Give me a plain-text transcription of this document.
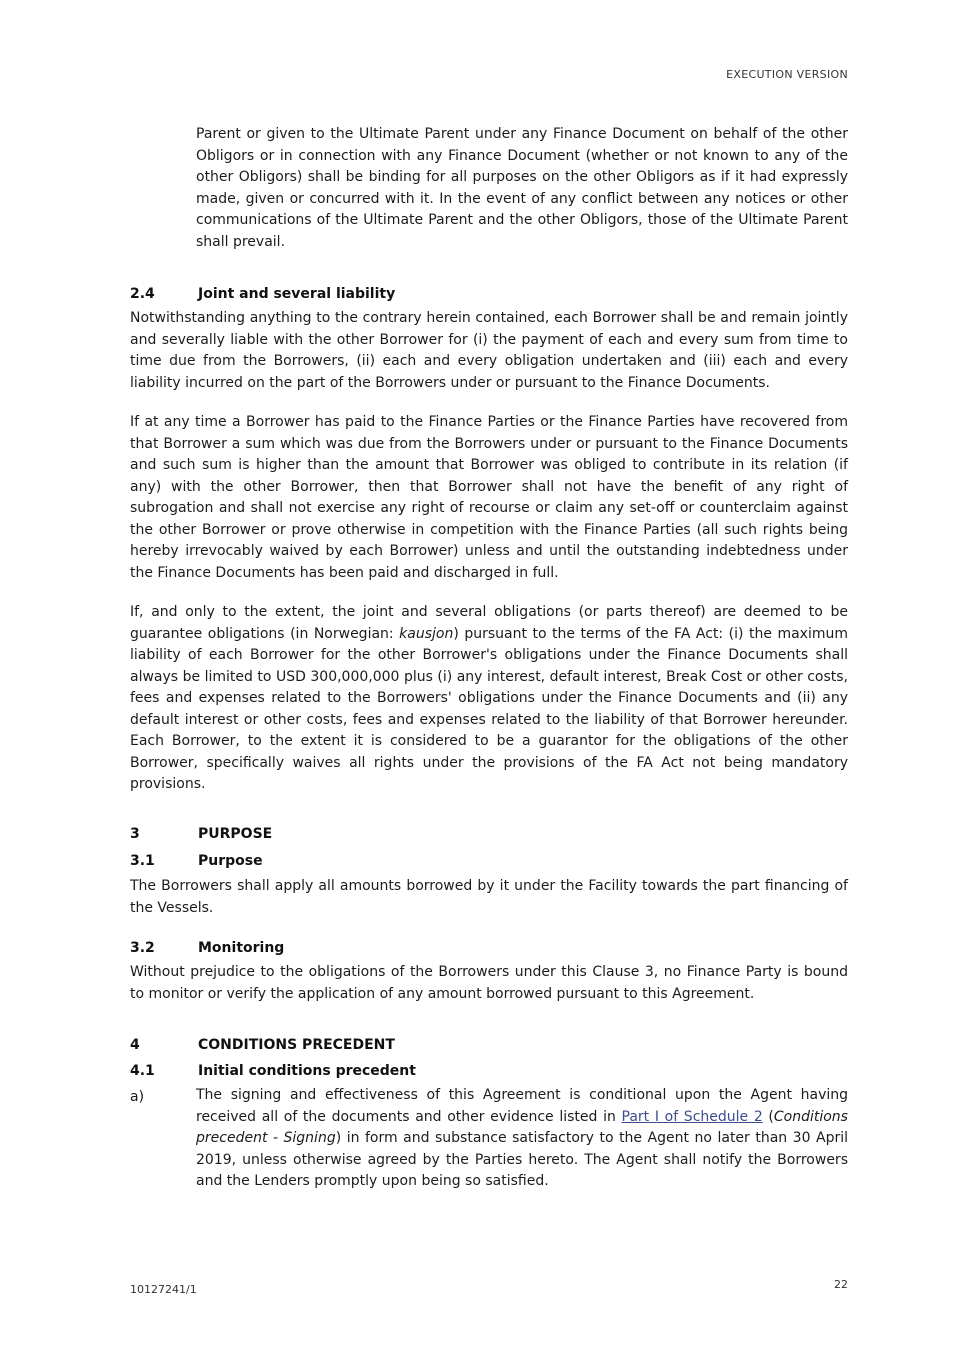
EXECUTION VERSION

Parent or given to the Ultimate Parent under any Finance Document on behalf of the other Obligors or in connection with any Finance Document (whether or not known to any of the other Obligors) shall be binding for all purposes on the other Obligors as if it had expressly made, given or concurred with it. In the event of any conflict between any notices or other communications of the Ultimate Parent and the other Obligors, those of the Ultimate Parent shall prevail.

2.4	Joint and several liability

Notwithstanding anything to the contrary herein contained, each Borrower shall be and remain jointly and severally liable with the other Borrower for (i) the payment of each and every sum from time to time due from the Borrowers, (ii) each and every obligation undertaken and (iii) each and every liability incurred on the part of the Borrowers under or pursuant to the Finance Documents.

If at any time a Borrower has paid to the Finance Parties or the Finance Parties have recovered from that Borrower a sum which was due from the Borrowers under or pursuant to the Finance Documents and such sum is higher than the amount that Borrower was obliged to contribute in its relation (if any) with the other Borrower, then that Borrower shall not have the benefit of any right of subrogation and shall not exercise any right of recourse or claim any set-off or counterclaim against the other Borrower or prove otherwise in competition with the Finance Parties (all such rights being hereby irrevocably waived by each Borrower) unless and until the outstanding indebtedness under the Finance Documents has been paid and discharged in full.

If, and only to the extent, the joint and several obligations (or parts thereof) are deemed to be guarantee obligations (in Norwegian: kausjon) pursuant to the terms of the FA Act: (i) the maximum liability of each Borrower for the other Borrower's obligations under the Finance Documents shall always be limited to USD 300,000,000 plus (i) any interest, default interest, Break Cost or other costs, fees and expenses related to the Borrowers' obligations under the Finance Documents and (ii) any default interest or other costs, fees and expenses related to the liability of that Borrower hereunder. Each Borrower, to the extent it is considered to be a guarantor for the obligations of the other Borrower, specifically waives all rights under the provisions of the FA Act not being mandatory provisions.

3	PURPOSE
3.1	Purpose

The Borrowers shall apply all amounts borrowed by it under the Facility towards the part financing of the Vessels.

3.2	Monitoring

Without prejudice to the obligations of the Borrowers under this Clause 3, no Finance Party is bound to monitor or verify the application of any amount borrowed pursuant to this Agreement.

4	CONDITIONS PRECEDENT
4.1	Initial conditions precedent
a)	The signing and effectiveness of this Agreement is conditional upon the Agent having received all of the documents and other evidence listed in Part I of Schedule 2 (Conditions precedent - Signing) in form and substance satisfactory to the Agent no later than 30 April 2019, unless otherwise agreed by the Parties hereto. The Agent shall notify the Borrowers and the Lenders promptly upon being so satisfied.

10127241/1	22
